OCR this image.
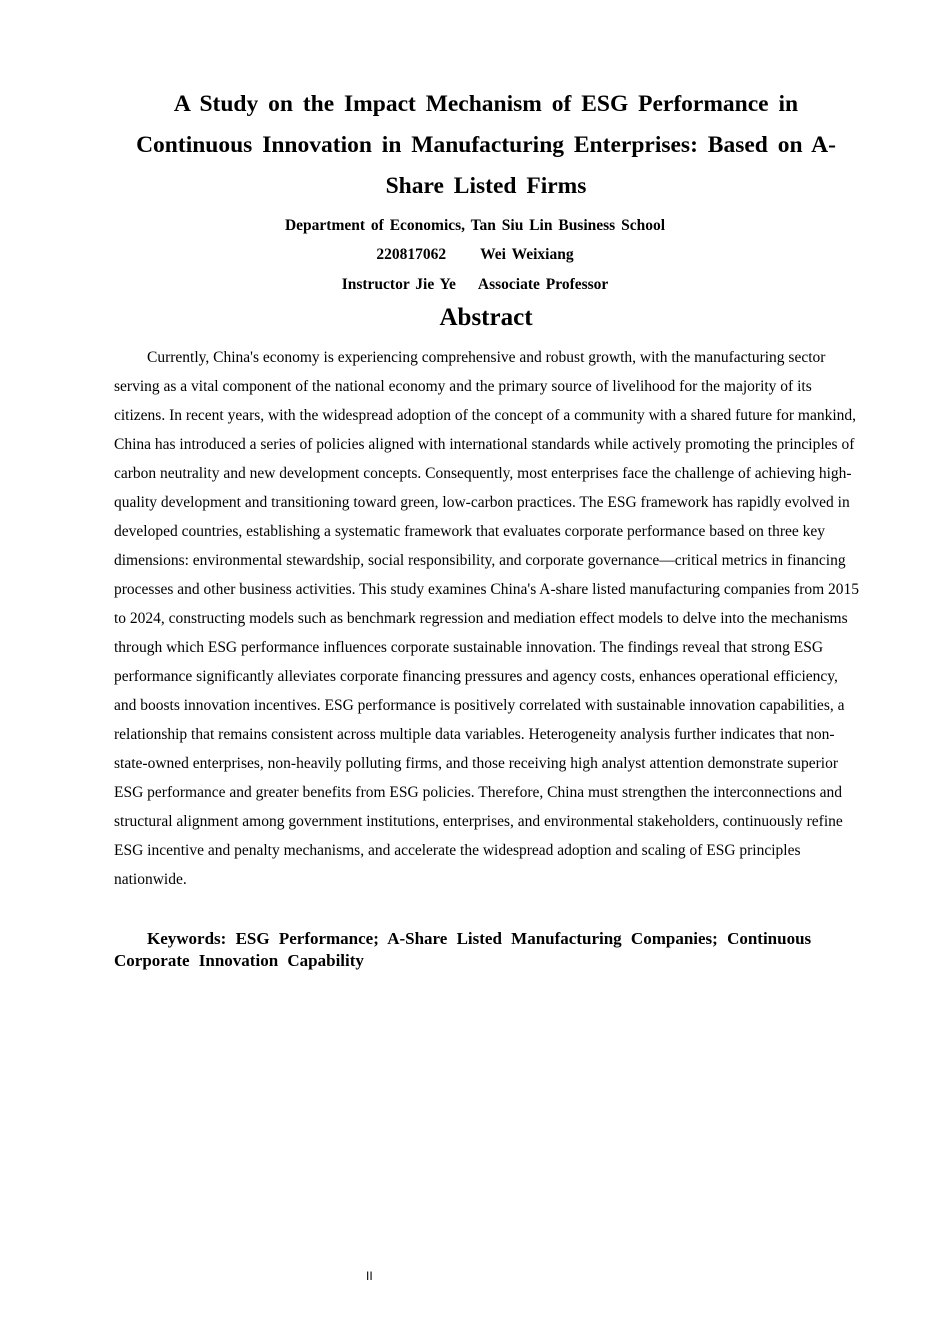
A Study on the Impact Mechanism of ESG Performance in Continuous Innovation in Manufacturing Enterprises: Based on A-Share Listed Firms
Department of Economics, Tan Siu Lin Business School
220817062 Wei Weixiang
Instructor Jie Ye Associate Professor
Abstract

Currently, China's economy is experiencing comprehensive and robust growth, with the manufacturing sector serving as a vital component of the national economy and the primary source of livelihood for the majority of its citizens. In recent years, with the widespread adoption of the concept of a community with a shared future for mankind, China has introduced a series of policies aligned with international standards while actively promoting the principles of carbon neutrality and new development concepts. Consequently, most enterprises face the challenge of achieving high-quality development and transitioning toward green, low-carbon practices. The ESG framework has rapidly evolved in developed countries, establishing a systematic framework that evaluates corporate performance based on three key dimensions: environmental stewardship, social responsibility, and corporate governance—critical metrics in financing processes and other business activities. This study examines China's A-share listed manufacturing companies from 2015 to 2024, constructing models such as benchmark regression and mediation effect models to delve into the mechanisms through which ESG performance influences corporate sustainable innovation. The findings reveal that strong ESG performance significantly alleviates corporate financing pressures and agency costs, enhances operational efficiency, and boosts innovation incentives. ESG performance is positively correlated with sustainable innovation capabilities, a relationship that remains consistent across multiple data variables. Heterogeneity analysis further indicates that non-state-owned enterprises, non-heavily polluting firms, and those receiving high analyst attention demonstrate superior ESG performance and greater benefits from ESG policies. Therefore, China must strengthen the interconnections and structural alignment among government institutions, enterprises, and environmental stakeholders, continuously refine ESG incentive and penalty mechanisms, and accelerate the widespread adoption and scaling of ESG principles nationwide.

Keywords: ESG Performance; A-Share Listed Manufacturing Companies; Continuous Corporate Innovation Capability

II
